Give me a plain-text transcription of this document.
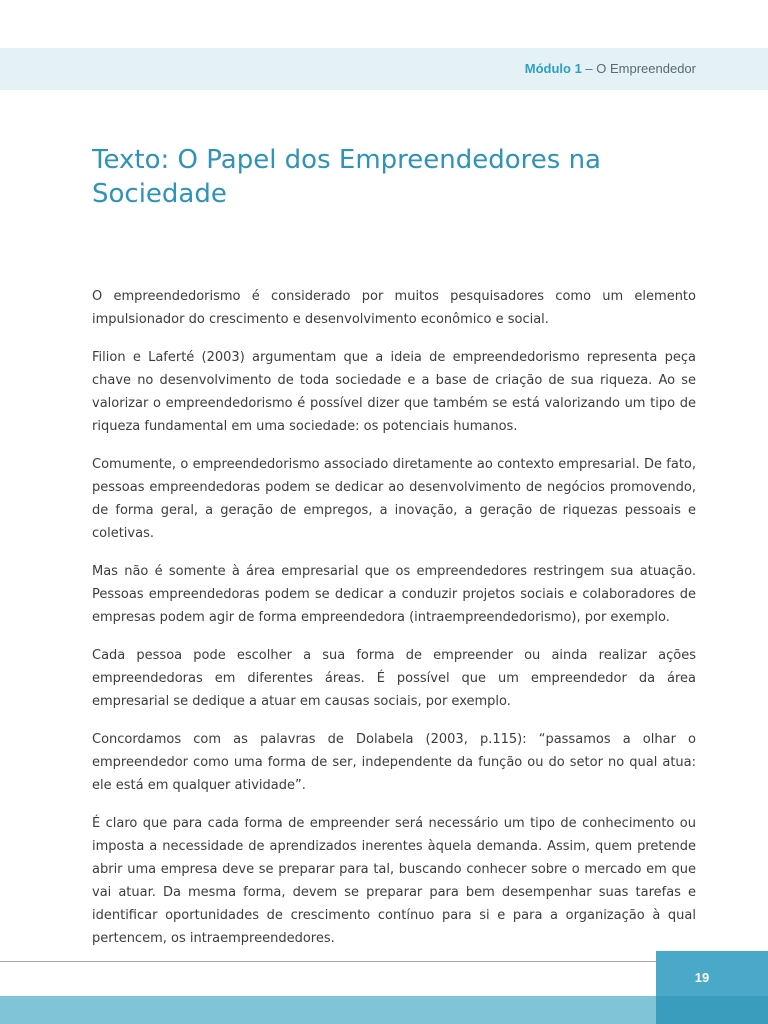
Módulo 1 – O Empreendedor
Texto: O Papel dos Empreendedores na Sociedade

O empreendedorismo é considerado por muitos pesquisadores como um elemento impulsionador do crescimento e desenvolvimento econômico e social.

Filion e Laferté (2003) argumentam que a ideia de empreendedorismo representa peça chave no desenvolvimento de toda sociedade e a base de criação de sua riqueza. Ao se valorizar o empreendedorismo é possível dizer que também se está valorizando um tipo de riqueza fundamental em uma sociedade: os potenciais humanos.

Comumente, o empreendedorismo associado diretamente ao contexto empresarial. De fato, pessoas empreendedoras podem se dedicar ao desenvolvimento de negócios promovendo, de forma geral, a geração de empregos, a inovação, a geração de riquezas pessoais e coletivas.

Mas não é somente à área empresarial que os empreendedores restringem sua atuação. Pessoas empreendedoras podem se dedicar a conduzir projetos sociais e colaboradores de empresas podem agir de forma empreendedora (intraempreendedorismo), por exemplo.

Cada pessoa pode escolher a sua forma de empreender ou ainda realizar ações empreendedoras em diferentes áreas. É possível que um empreendedor da área empresarial se dedique a atuar em causas sociais, por exemplo.

Concordamos com as palavras de Dolabela (2003, p.115): “passamos a olhar o empreendedor como uma forma de ser, independente da função ou do setor no qual atua: ele está em qualquer atividade”.

É claro que para cada forma de empreender será necessário um tipo de conhecimento ou imposta a necessidade de aprendizados inerentes àquela demanda. Assim, quem pretende abrir uma empresa deve se preparar para tal, buscando conhecer sobre o mercado em que vai atuar. Da mesma forma, devem se preparar para bem desempenhar suas tarefas e identificar oportunidades de crescimento contínuo para si e para a organização à qual pertencem, os intraempreendedores.

19
